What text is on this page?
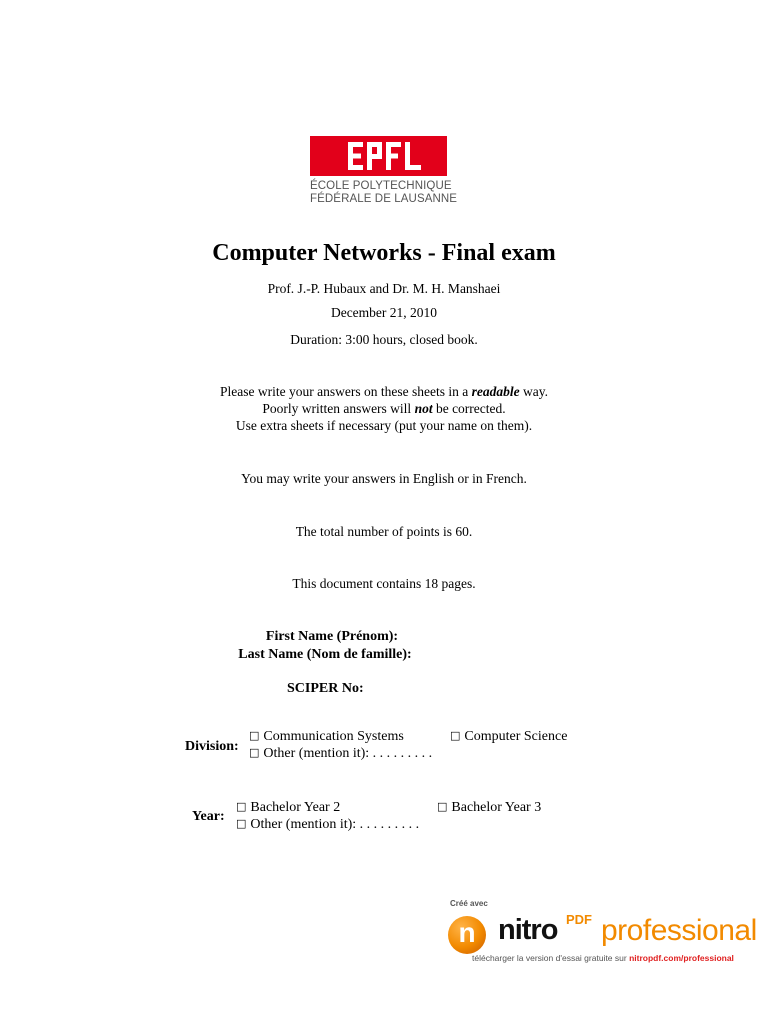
ÉCOLE POLYTECHNIQUE
FÉDÉRALE DE LAUSANNE
Computer Networks - Final exam
Prof. J.-P. Hubaux and Dr. M. H. Manshaei
December 21, 2010
Duration: 3:00 hours, closed book.
Please write your answers on these sheets in a readable way.
Poorly written answers will not be corrected.
Use extra sheets if necessary (put your name on them).
You may write your answers in English or in French.
The total number of points is 60.
This document contains 18 pages.
First Name (Prénom):
Last Name (Nom de famille):
SCIPER No:
Division:
□ Communication Systems	□ Computer Science
□ Other (mention it): . . . . . . . . .
Year:
□ Bachelor Year 2	□ Bachelor Year 3
□ Other (mention it): . . . . . . . . .
Créé avec
n nitro PDF professional
télécharger la version d'essai gratuite sur nitropdf.com/professional
